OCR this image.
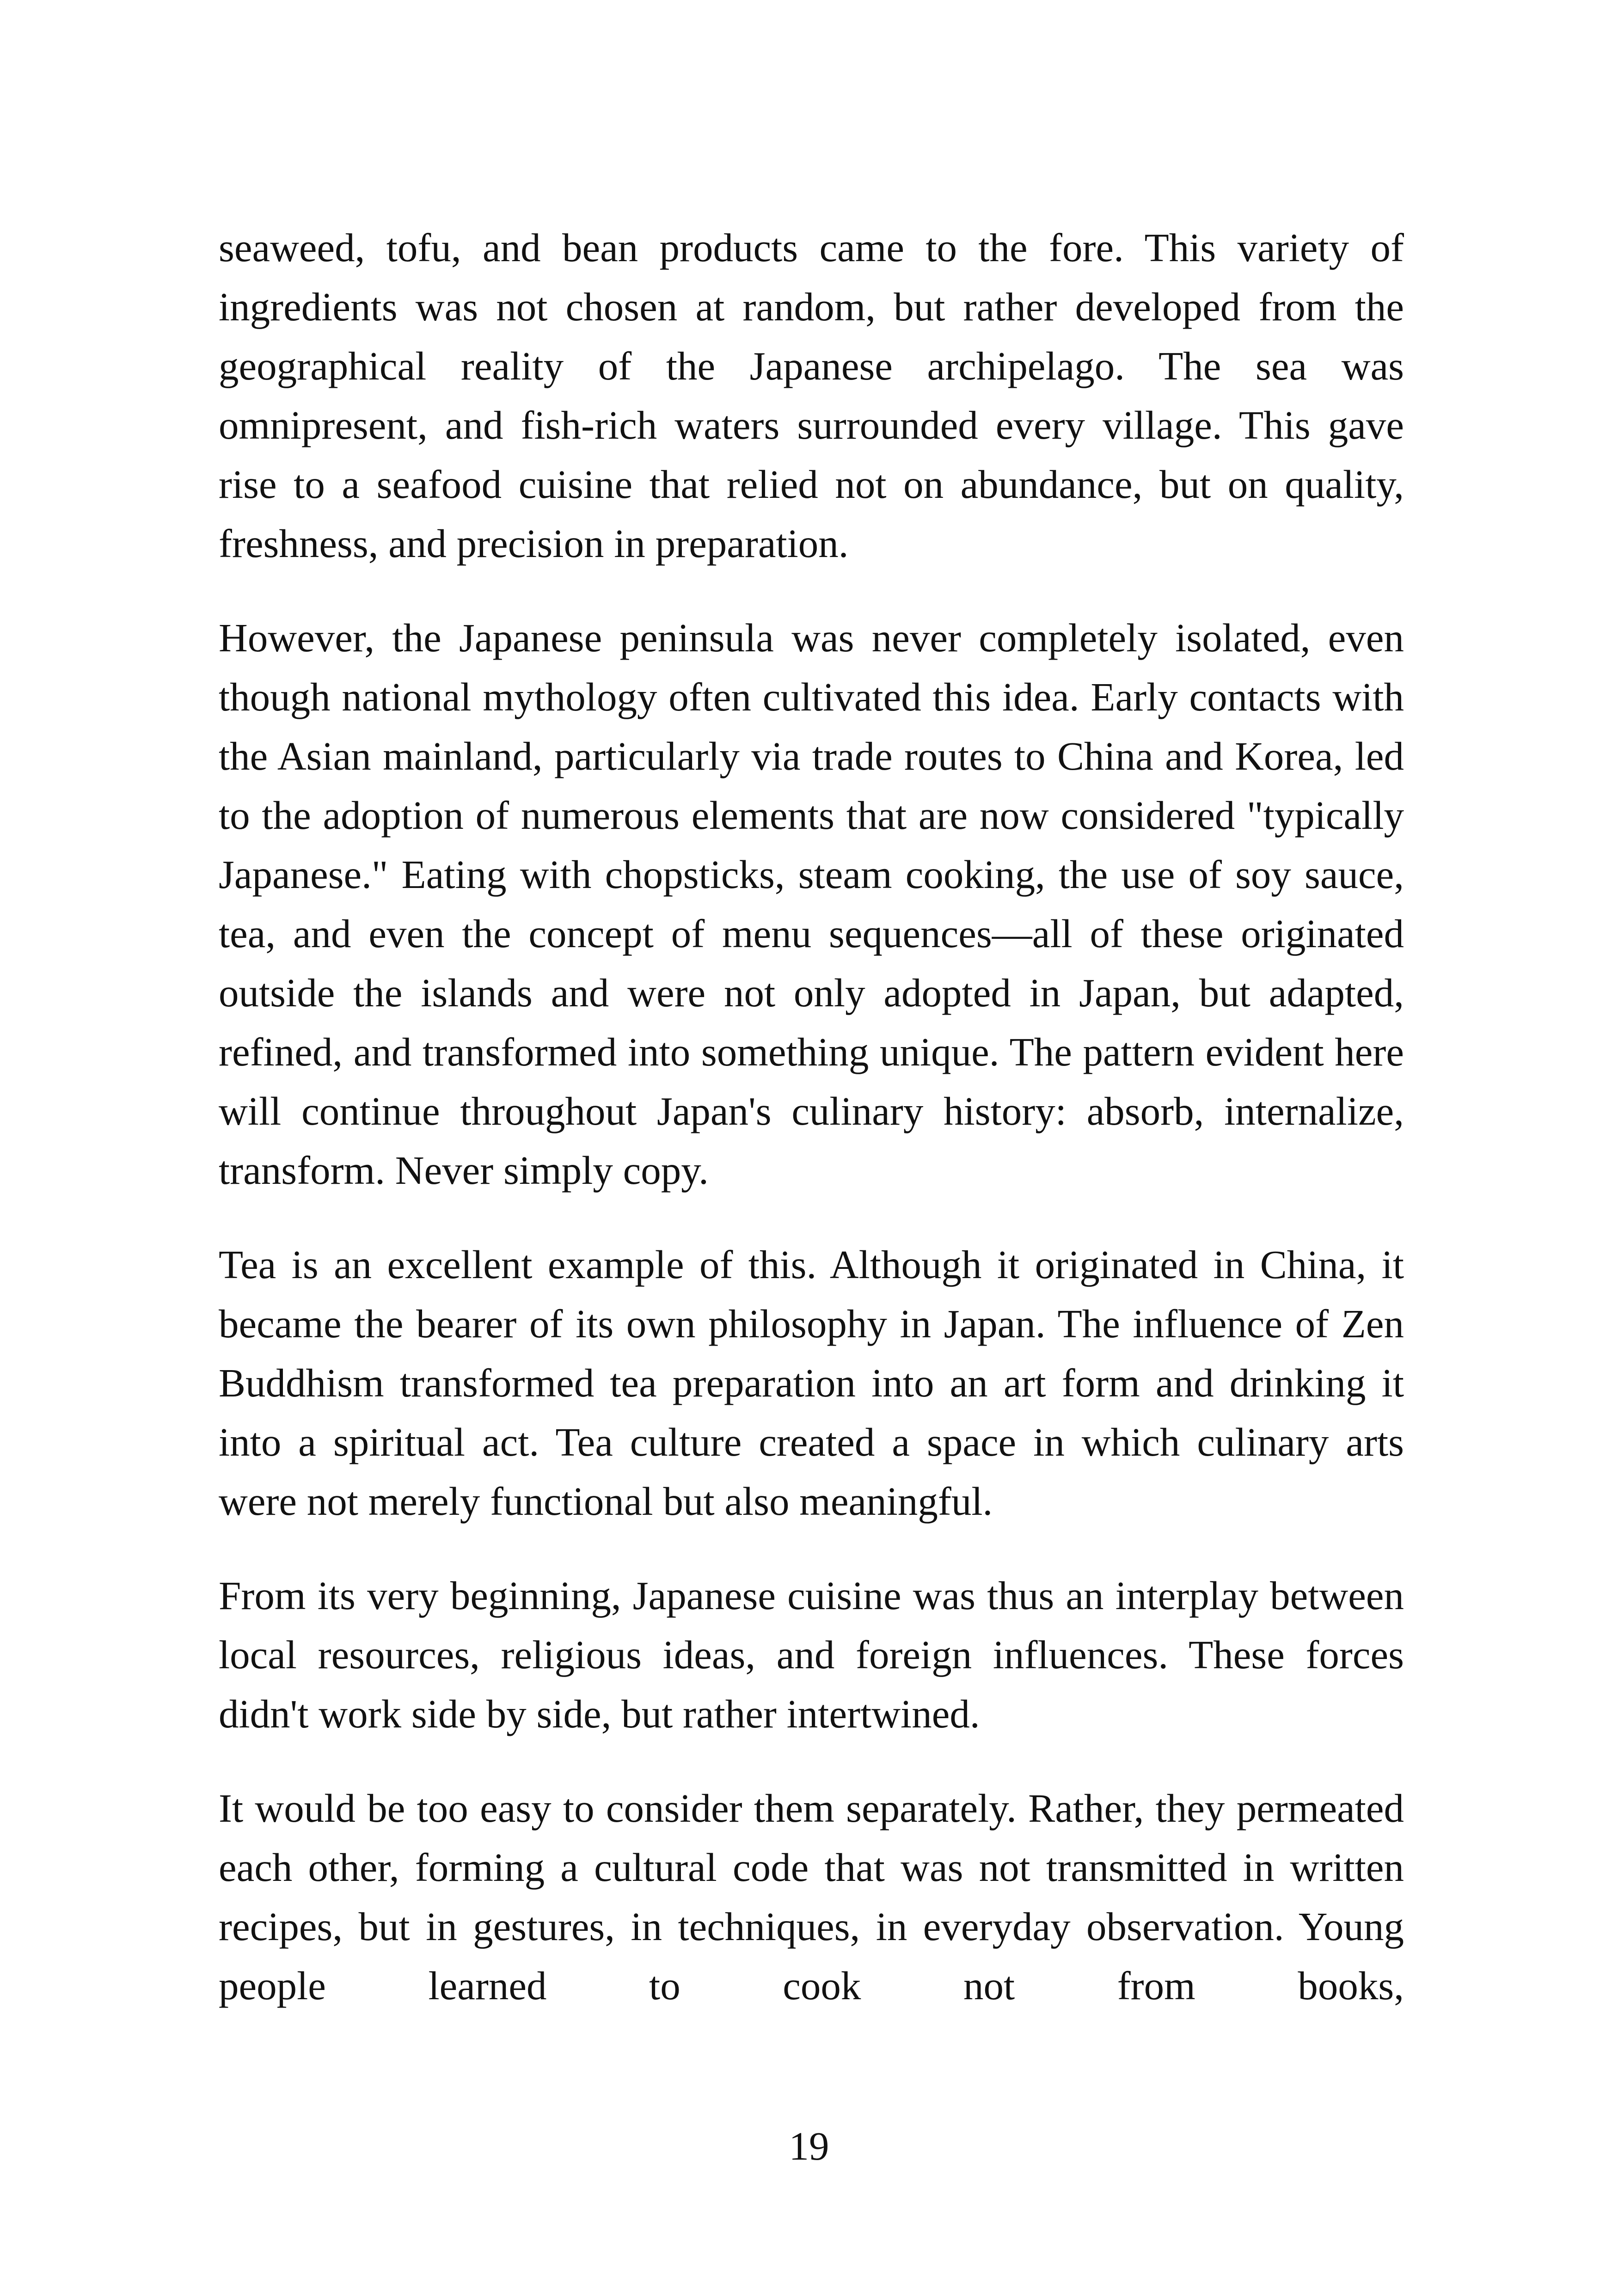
seaweed, tofu, and bean products came to the fore. This variety of ingredients was not chosen at random, but rather developed from the geographical reality of the Japanese archipelago. The sea was omnipresent, and fish-rich waters surrounded every village. This gave rise to a seafood cuisine that relied not on abundance, but on quality, freshness, and precision in preparation.

However, the Japanese peninsula was never completely isolated, even though national mythology often cultivated this idea. Early contacts with the Asian mainland, particularly via trade routes to China and Korea, led to the adoption of numerous elements that are now considered "typically Japanese." Eating with chopsticks, steam cooking, the use of soy sauce, tea, and even the concept of menu sequences—all of these originated outside the islands and were not only adopted in Japan, but adapted, refined, and transformed into something unique. The pattern evident here will continue throughout Japan's culinary history: absorb, internalize, transform. Never simply copy.

Tea is an excellent example of this. Although it originated in China, it became the bearer of its own philosophy in Japan. The influence of Zen Buddhism transformed tea preparation into an art form and drinking it into a spiritual act. Tea culture created a space in which culinary arts were not merely functional but also meaningful.

From its very beginning, Japanese cuisine was thus an interplay between local resources, religious ideas, and foreign influences. These forces didn't work side by side, but rather intertwined.

It would be too easy to consider them separately. Rather, they permeated each other, forming a cultural code that was not transmitted in written recipes, but in gestures, in techniques, in everyday observation. Young people learned to cook not from books,

19
